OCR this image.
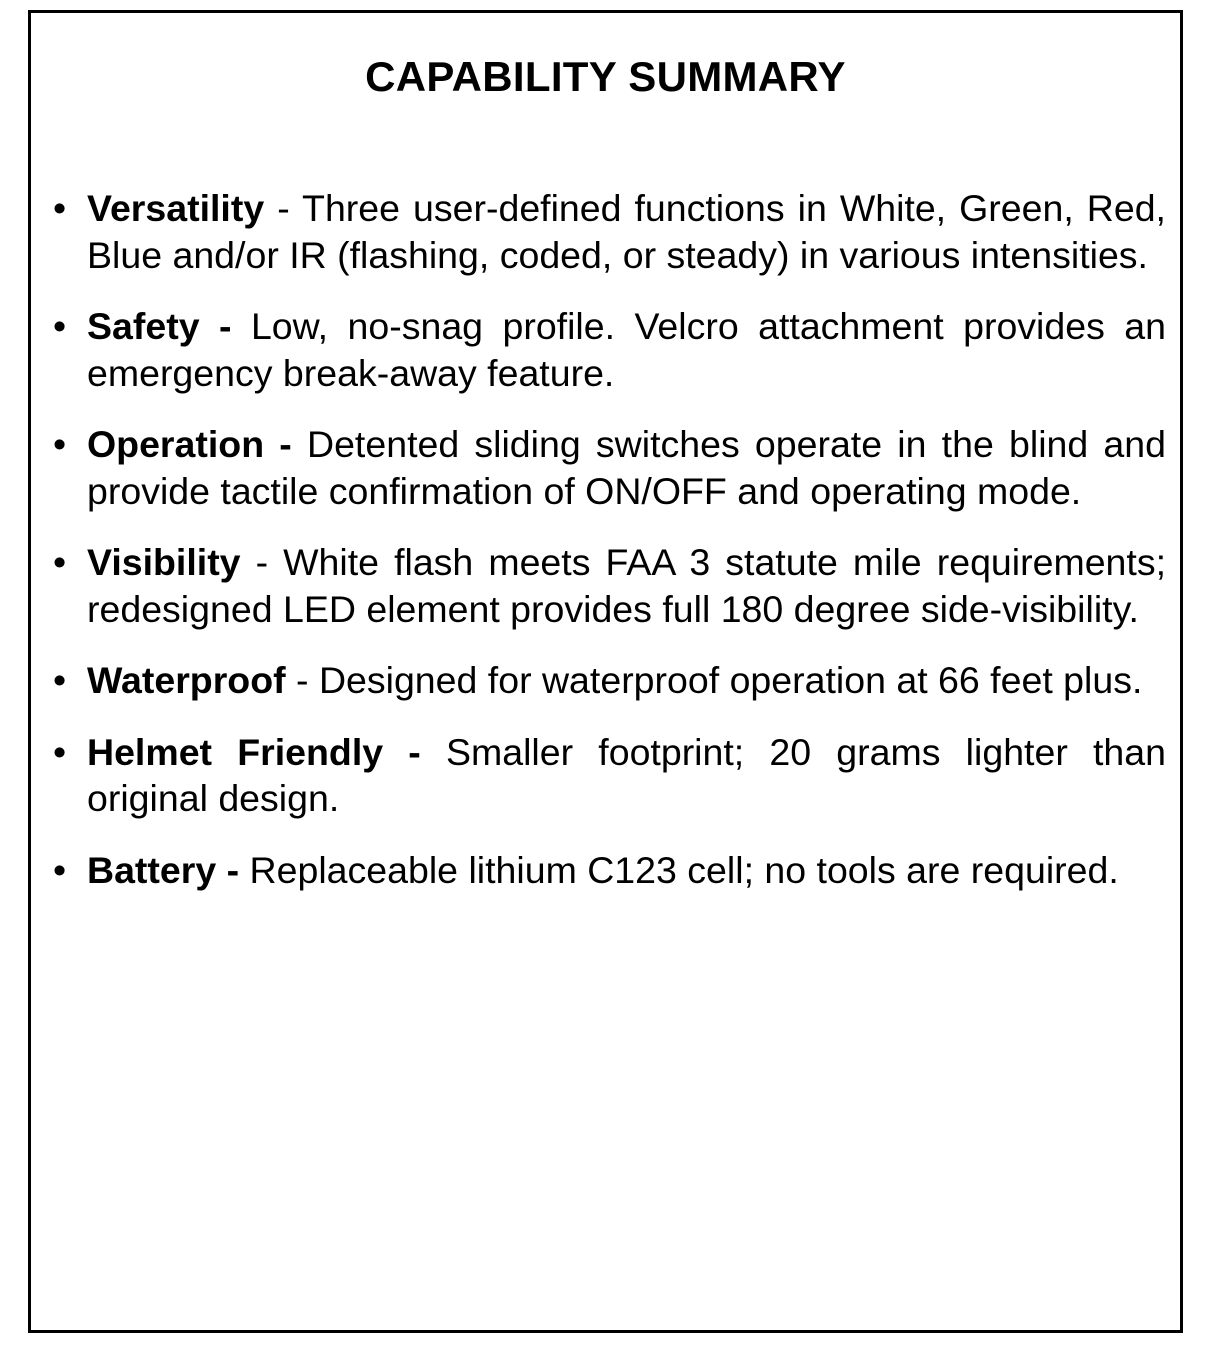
CAPABILITY SUMMARY
• Versatility - Three user-defined functions in White, Green, Red, Blue and/or IR (flashing, coded, or steady) in various intensities.
• Safety - Low, no-snag profile. Velcro attachment provides an emergency break-away feature.
• Operation - Detented sliding switches operate in the blind and provide tactile confirmation of ON/OFF and operating mode.
• Visibility - White flash meets FAA 3 statute mile requirements; redesigned LED element provides full 180 degree side-visibility.
• Waterproof - Designed for waterproof operation at 66 feet plus.
• Helmet Friendly - Smaller footprint; 20 grams lighter than original design.
• Battery - Replaceable lithium C123 cell; no tools are required.
